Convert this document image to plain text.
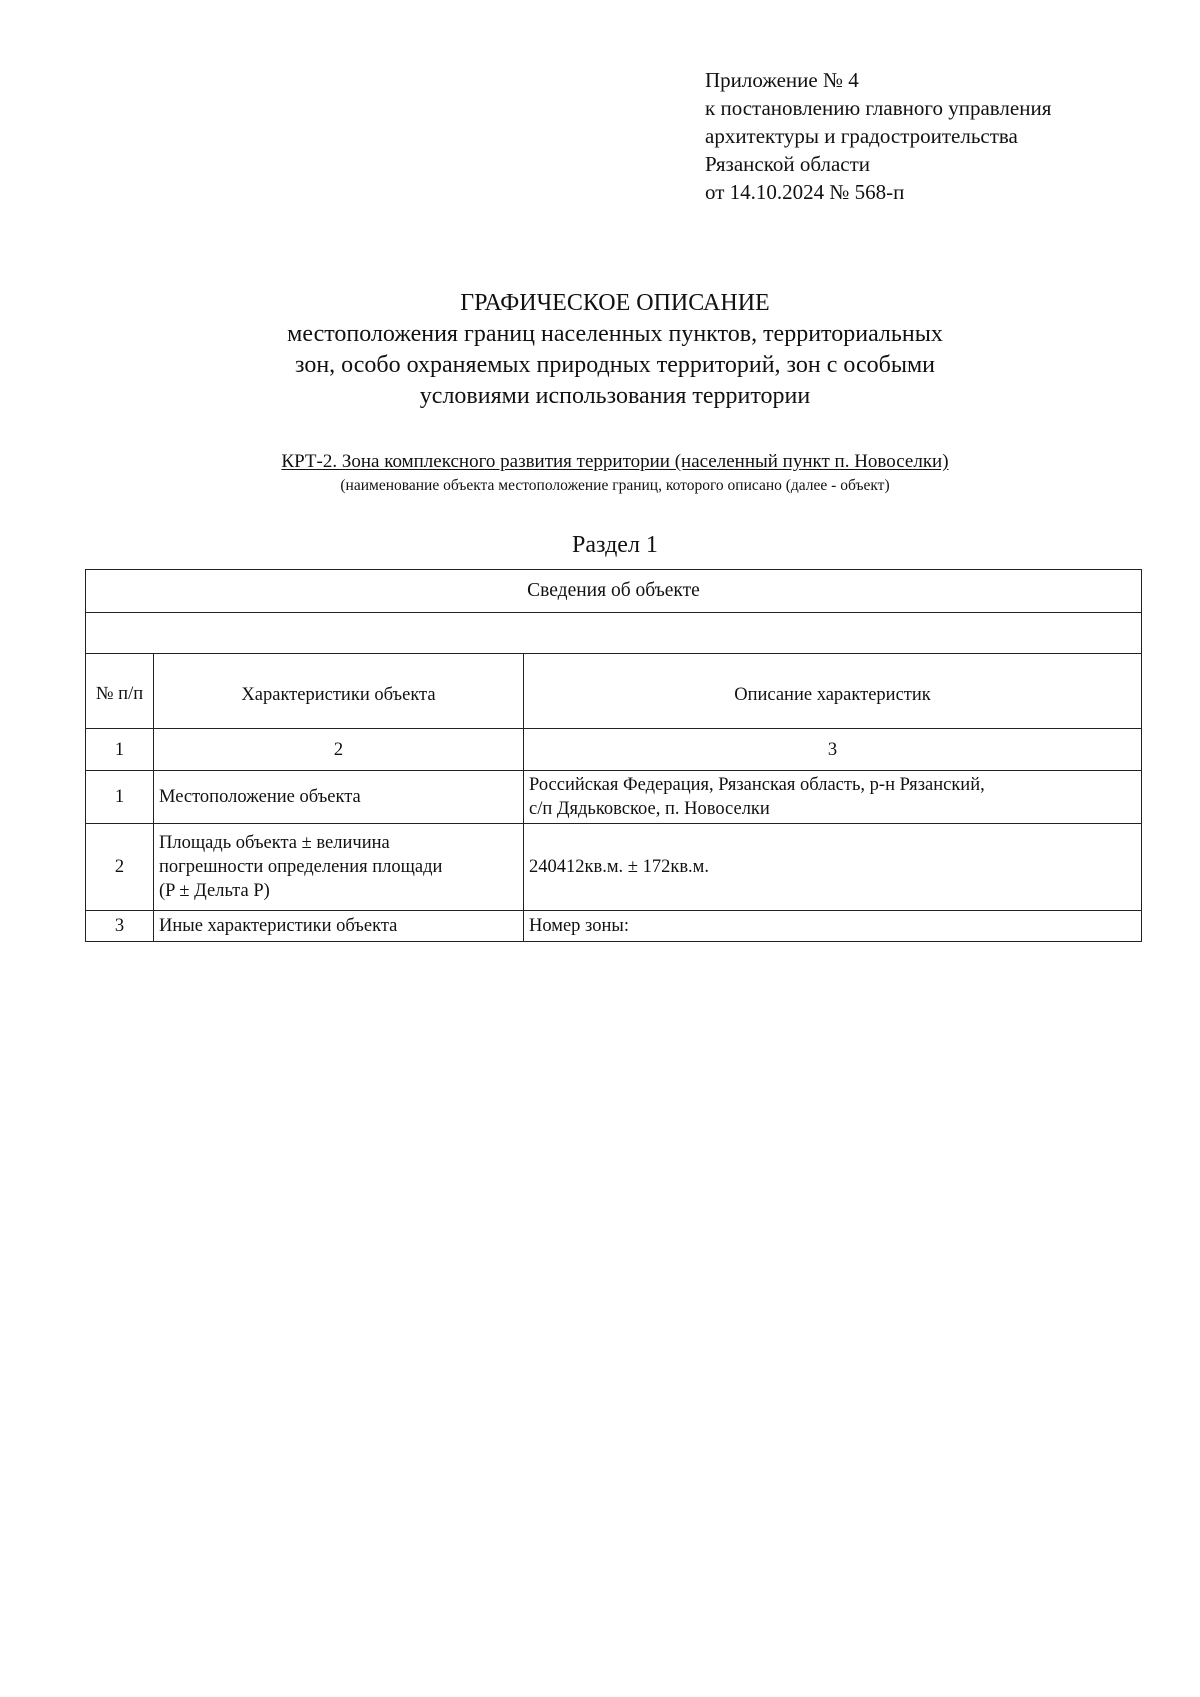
Приложение № 4
к постановлению главного управления
архитектуры и градостроительства
Рязанской области
от 14.10.2024 № 568-п
ГРАФИЧЕСКОЕ ОПИСАНИЕ
местоположения границ населенных пунктов, территориальных
зон, особо охраняемых природных территорий, зон с особыми
условиями использования территории
КРТ-2. Зона комплексного развития территории (населенный пункт п. Новоселки)
(наименование объекта местоположение границ, которого описано (далее - объект)
Раздел 1
Сведения об объекте		

№ п/п	Характеристики объекта	Описание характеристик
1	2	3
1	Местоположение объекта	Российская Федерация, Рязанская область, р-н Рязанский,
с/п Дядьковское, п. Новоселки

2	Площадь объекта ± величина
погрешности определения площади
(P ± Дельта P)	240412кв.м. ± 172кв.м.
3	Иные характеристики объекта	Номер зоны:
